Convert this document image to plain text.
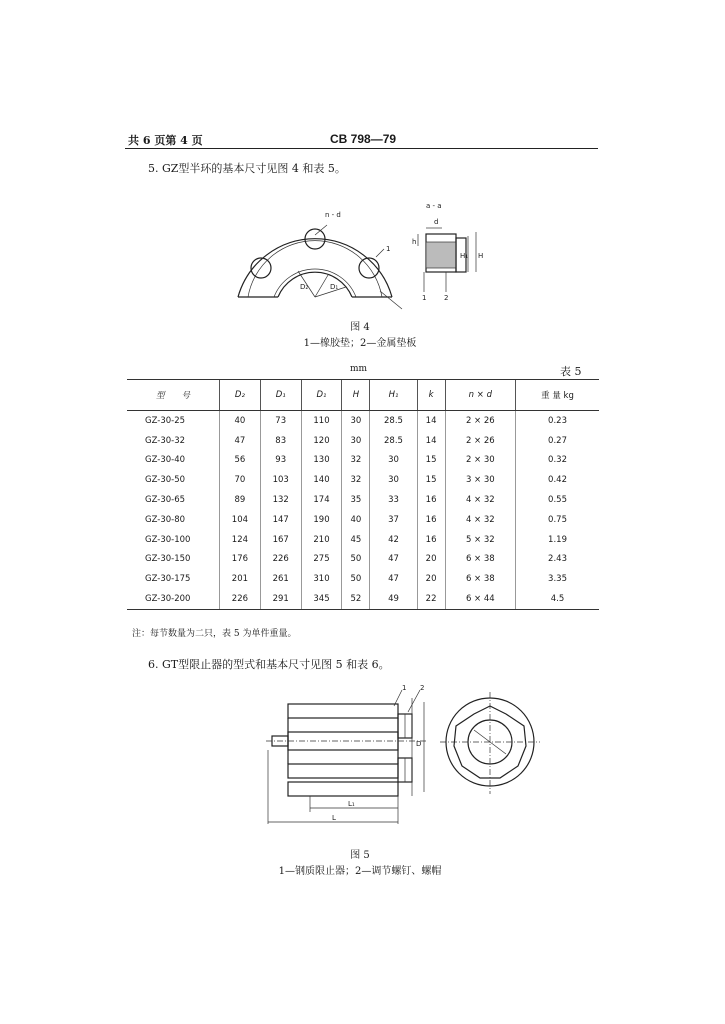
共 6 页第 4 页	CB 798—79
5. GZ型半环的基本尺寸见图 4 和表 5。
n - d
1
D₂	D₁
a - a
d
h
H₁ H
1	2
图 4
1—橡胶垫；2—金属垫板
mm	表 5
型　　号	D₂	D₁	D₁	H	H₁	k	n × d	重 量 kg
GZ-30-25	40	73	110	30	28.5	14	2 × 26	0.23
GZ-30-32	47	83	120	30	28.5	14	2 × 26	0.27
GZ-30-40	56	93	130	32	30	15	2 × 30	0.32
GZ-30-50	70	103	140	32	30	15	3 × 30	0.42
GZ-30-65	89	132	174	35	33	16	4 × 32	0.55
GZ-30-80	104	147	190	40	37	16	4 × 32	0.75
GZ-30-100	124	167	210	45	42	16	5 × 32	1.19
GZ-30-150	176	226	275	50	47	20	6 × 38	2.43
GZ-30-175	201	261	310	50	47	20	6 × 38	3.35
GZ-30-200	226	291	345	52	49	22	6 × 44	4.5
注：每节数量为二只，表 5 为单件重量。
6. GT型限止器的型式和基本尺寸见图 5 和表 6。
L₁
L
D
1 2
图 5
1—钢质限止器；2—调节螺钉、螺帽
